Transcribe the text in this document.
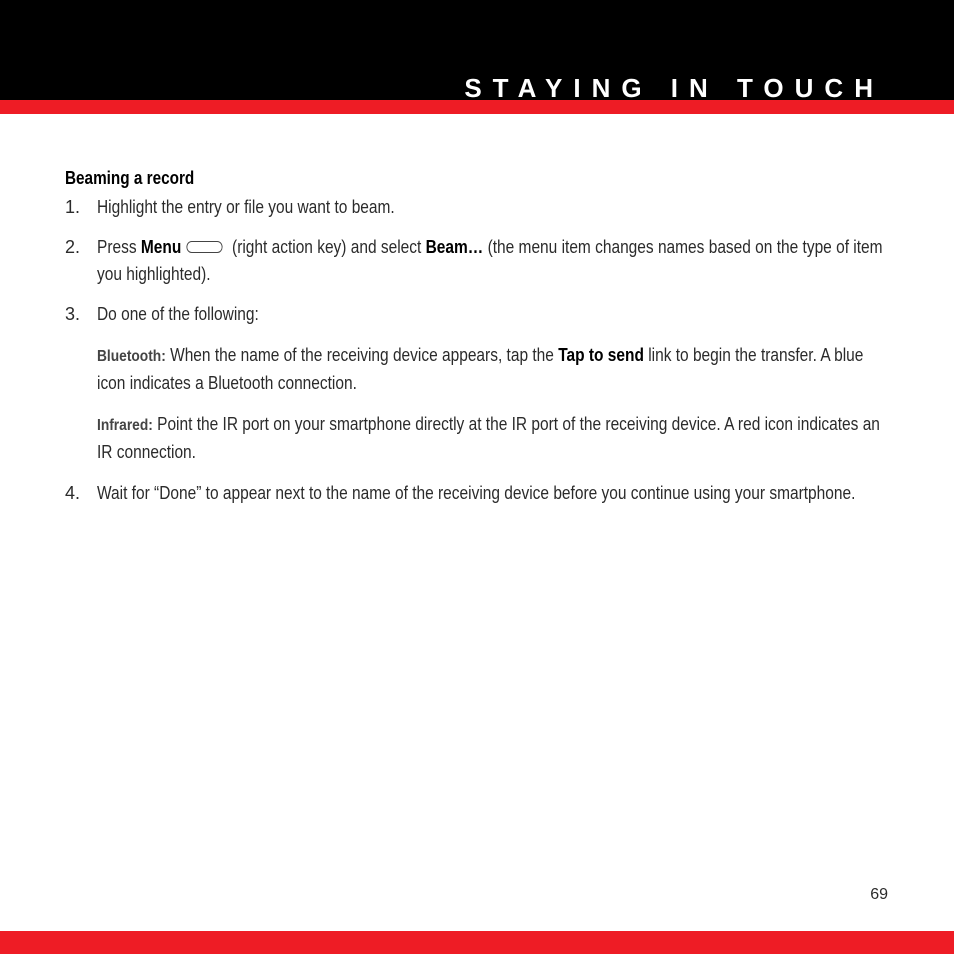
STAYING IN TOUCH
Beaming a record
1. Highlight the entry or file you want to beam.
2. Press Menu	(right action key) and select Beam… (the menu item changes names based on the type of item you highlighted).
3. Do one of the following:
Bluetooth: When the name of the receiving device appears, tap the Tap to send link to begin the transfer. A blue icon indicates a Bluetooth connection.
Infrared: Point the IR port on your smartphone directly at the IR port of the receiving device. A red icon indicates an IR connection.
4. Wait for “Done” to appear next to the name of the receiving device before you continue using your smartphone.
69
